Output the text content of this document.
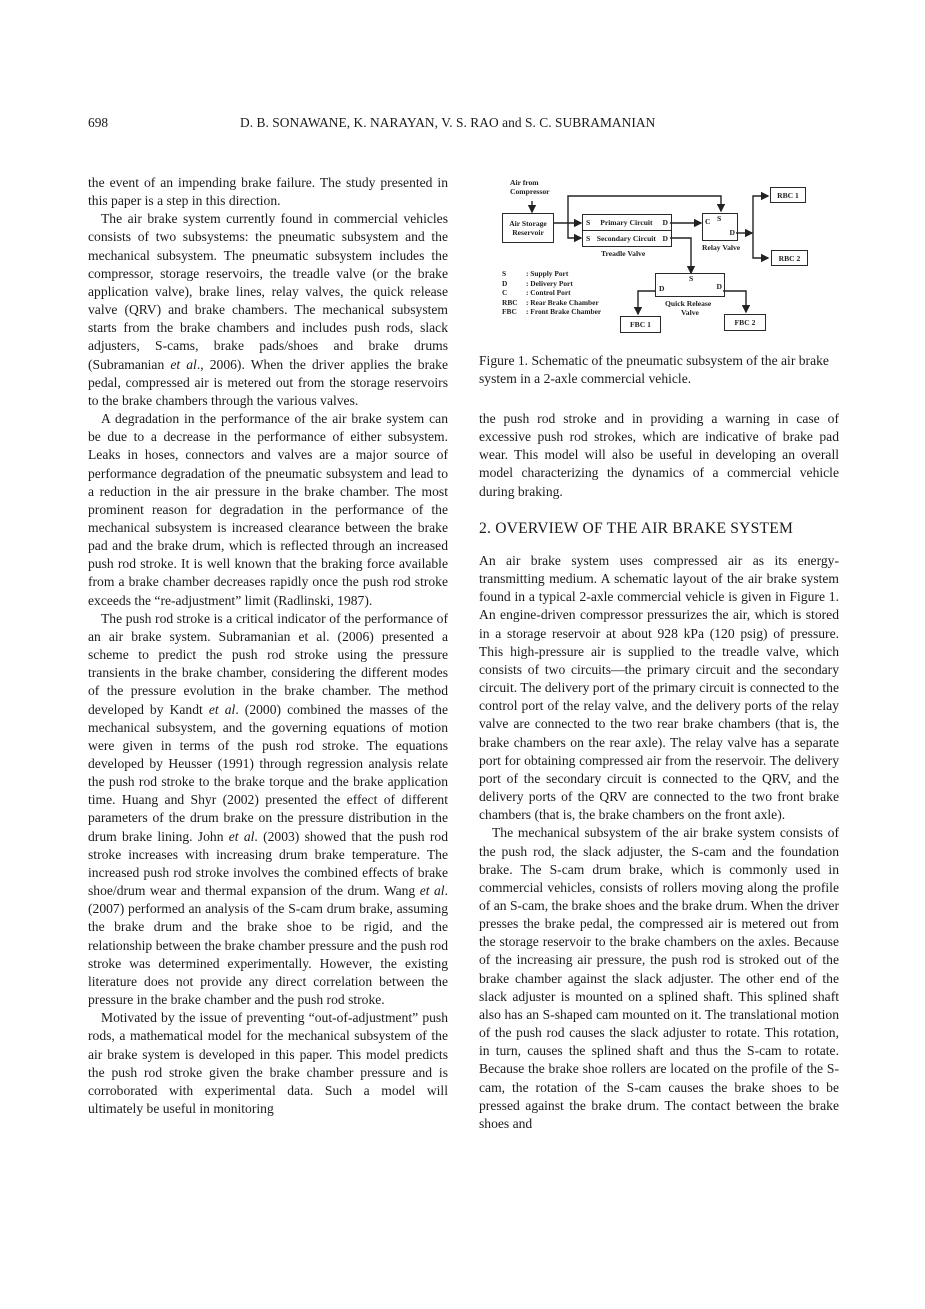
698	D. B. SONAWANE, K. NARAYAN, V. S. RAO and S. C. SUBRAMANIAN

the event of an impending brake failure. The study presented in this paper is a step in this direction.

The air brake system currently found in commercial vehicles consists of two subsystems: the pneumatic subsystem and the mechanical subsystem. The pneumatic subsystem includes the compressor, storage reservoirs, the treadle valve (or the brake application valve), brake lines, relay valves, the quick release valve (QRV) and brake chambers. The mechanical subsystem starts from the brake chambers and includes push rods, slack adjusters, S-cams, brake pads/shoes and brake drums (Subramanian et al., 2006). When the driver applies the brake pedal, compressed air is metered out from the storage reservoirs to the brake chambers through the various valves.

A degradation in the performance of the air brake system can be due to a decrease in the performance of either subsystem. Leaks in hoses, connectors and valves are a major source of performance degradation of the pneumatic subsystem and lead to a reduction in the air pressure in the brake chamber. The most prominent reason for degradation in the performance of the mechanical subsystem is increased clearance between the brake pad and the brake drum, which is reflected through an increased push rod stroke. It is well known that the braking force available from a brake chamber decreases rapidly once the push rod stroke exceeds the “re-adjustment” limit (Radlinski, 1987).

The push rod stroke is a critical indicator of the performance of an air brake system. Subramanian et al. (2006) presented a scheme to predict the push rod stroke using the pressure transients in the brake chamber, considering the different modes of the pressure evolution in the brake chamber. The method developed by Kandt et al. (2000) combined the masses of the mechanical subsystem, and the governing equations of motion were given in terms of the push rod stroke. The equations developed by Heusser (1991) through regression analysis relate the push rod stroke to the brake torque and the brake application time. Huang and Shyr (2002) presented the effect of different parameters of the drum brake on the pressure distribution in the drum brake lining. John et al. (2003) showed that the push rod stroke increases with increasing drum brake temperature. The increased push rod stroke involves the combined effects of brake shoe/drum wear and thermal expansion of the drum. Wang et al. (2007) performed an analysis of the S-cam drum brake, assuming the brake drum and the brake shoe to be rigid, and the relationship between the brake chamber pressure and the push rod stroke was determined experimentally. However, the existing literature does not provide any direct correlation between the pressure in the brake chamber and the push rod stroke.

Motivated by the issue of preventing “out-of-adjustment” push rods, a mathematical model for the mechanical subsystem of the air brake system is developed in this paper. This model predicts the push rod stroke given the brake chamber pressure and is corroborated with experimental data. Such a model will ultimately be useful in monitoring

Air from
Compressor
Air Storage
Reservoir
S Primary Circuit D
S Secondary Circuit D
Treadle Valve
C S
D
Relay Valve
RBC 1
RBC 2
S	: Supply Port
D	: Delivery Port
C	: Control Port
RBC	: Rear Brake Chamber
FBC	: Front Brake Chamber
S
D	D
Quick Release
Valve
FBC 1	FBC 2

Figure 1. Schematic of the pneumatic subsystem of the air brake system in a 2-axle commercial vehicle.

the push rod stroke and in providing a warning in case of excessive push rod strokes, which are indicative of brake pad wear. This model will also be useful in developing an overall model characterizing the dynamics of a commercial vehicle during braking.

2. OVERVIEW OF THE AIR BRAKE SYSTEM

An air brake system uses compressed air as its energy-transmitting medium. A schematic layout of the air brake system found in a typical 2-axle commercial vehicle is given in Figure 1. An engine-driven compressor pressurizes the air, which is stored in a storage reservoir at about 928 kPa (120 psig) of pressure. This high-pressure air is supplied to the treadle valve, which consists of two circuits—the primary circuit and the secondary circuit. The delivery port of the primary circuit is connected to the control port of the relay valve, and the delivery ports of the relay valve are connected to the two rear brake chambers (that is, the brake chambers on the rear axle). The relay valve has a separate port for obtaining compressed air from the reservoir. The delivery port of the secondary circuit is connected to the QRV, and the delivery ports of the QRV are connected to the two front brake chambers (that is, the brake chambers on the front axle).

The mechanical subsystem of the air brake system consists of the push rod, the slack adjuster, the S-cam and the foundation brake. The S-cam drum brake, which is commonly used in commercial vehicles, consists of rollers moving along the profile of an S-cam, the brake shoes and the brake drum. When the driver presses the brake pedal, the compressed air is metered out from the storage reservoir to the brake chambers on the axles. Because of the increasing air pressure, the push rod is stroked out of the brake chamber against the slack adjuster. The other end of the slack adjuster is mounted on a splined shaft. This splined shaft also has an S-shaped cam mounted on it. The translational motion of the push rod causes the slack adjuster to rotate. This rotation, in turn, causes the splined shaft and thus the S-cam to rotate. Because the brake shoe rollers are located on the profile of the S-cam, the rotation of the S-cam causes the brake shoes to be pressed against the brake drum. The contact between the brake shoes and
